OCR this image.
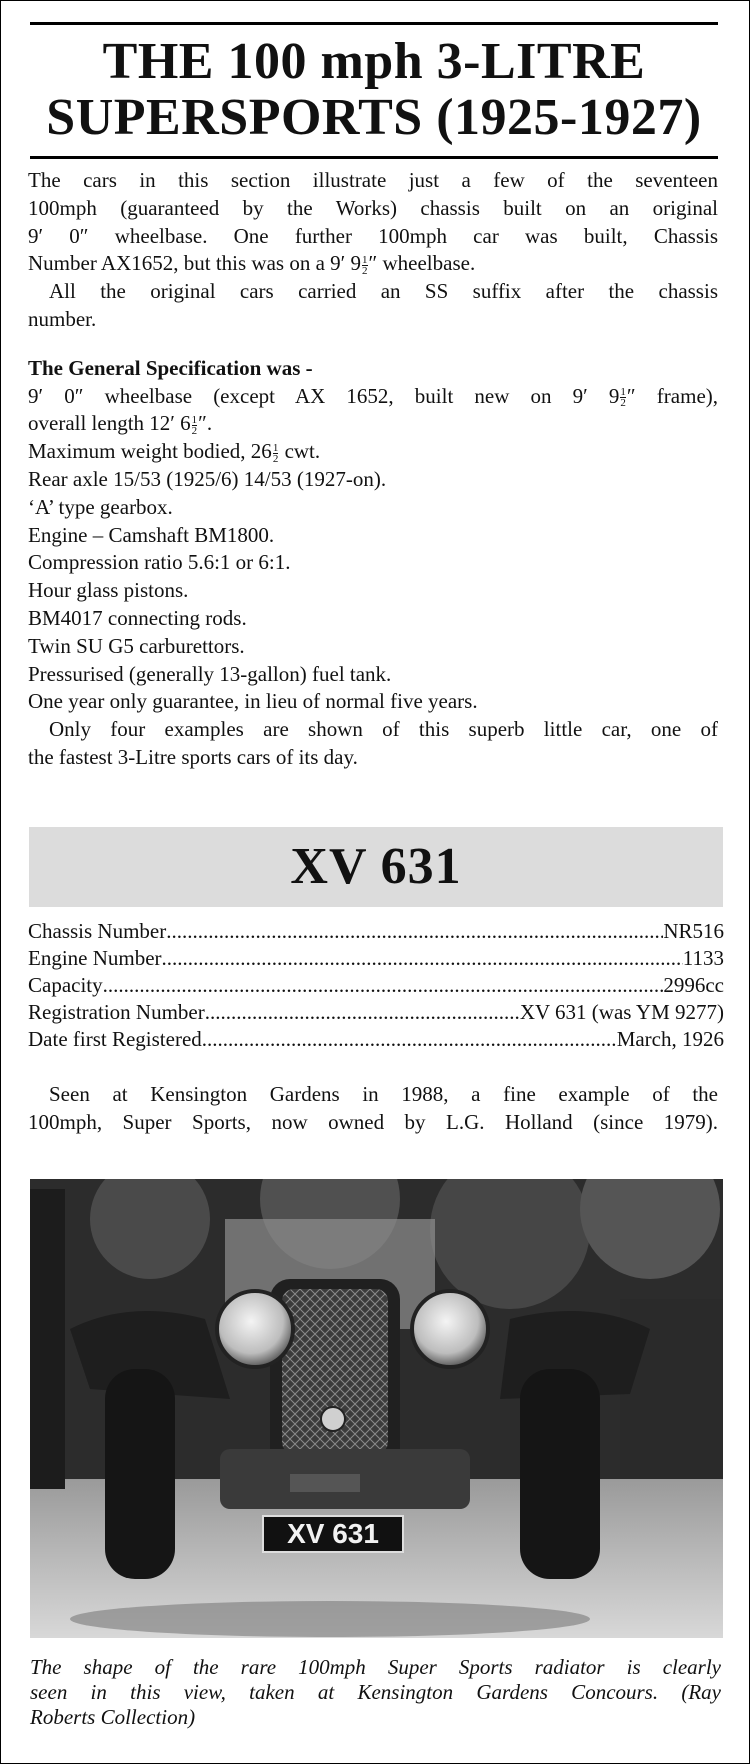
THE 100 mph 3-LITRE
SUPERSPORTS (1925-1927)
The cars in this section illustrate just a few of the seventeen
100mph (guaranteed by the Works) chassis built on an original
9′ 0″ wheelbase. One further 100mph car was built, Chassis
Number AX1652, but this was on a 9′ $9 \frac{1}{2}$ ″ wheelbase.
All the original cars carried an SS suffix after the chassis
number.
The General Specification was -
9′ 0″ wheelbase (except AX 1652, built new on 9′ $9 \frac{1}{2}$ ″ frame),
overall length 12′ $6 \frac{1}{2}$ ″.
Maximum weight bodied, $26 \frac{1}{2}$ cwt.
Rear axle 15/53 (1925/6) 14/53 (1927-on).
‘A’ type gearbox.
Engine – Camshaft BM1800.
Compression ratio 5.6:1 or 6:1.
Hour glass pistons.
BM4017 connecting rods.
Twin SU G5 carburettors.
Pressurised (generally 13-gallon) fuel tank.
One year only guarantee, in lieu of normal five years.
Only four examples are shown of this superb little car, one of
the fastest 3-Litre sports cars of its day.
XV 631
Chassis Number .....	NR516
Engine Number .....	1133
Capacity .....	2996cc
Registration Number .....	XV 631 (was YM 9277)
Date first Registered .....	March, 1926
Seen at Kensington Gardens in 1988, a fine example of the
100mph, Super Sports, now owned by L.G. Holland (since 1979).
XV 631
The shape of the rare 100mph Super Sports radiator is clearly
seen in this view, taken at Kensington Gardens Concours. (Ray
Roberts Collection)
